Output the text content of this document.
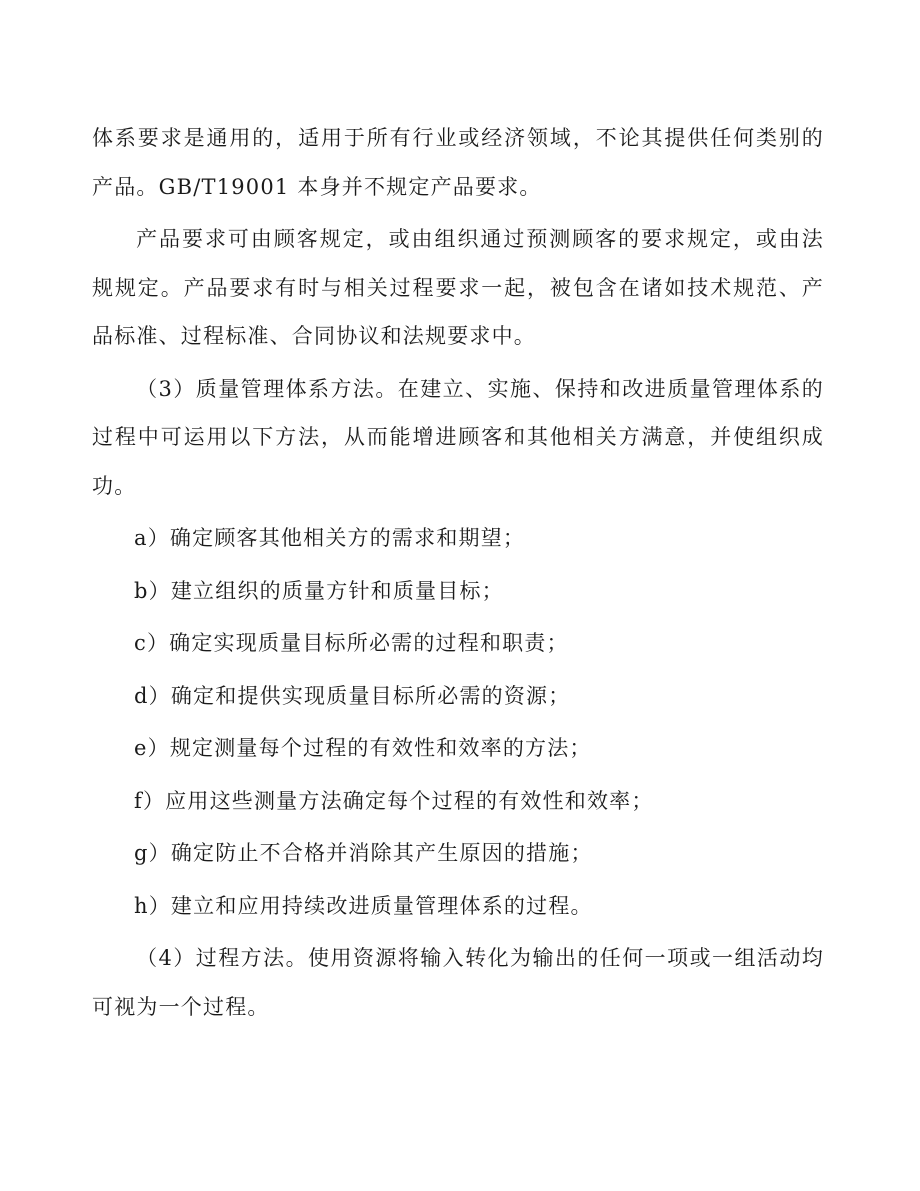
体系要求是通用的，适用于所有行业或经济领域，不论其提供任何类别的产品。GB/T19001 本身并不规定产品要求。

产品要求可由顾客规定，或由组织通过预测顾客的要求规定，或由法规规定。产品要求有时与相关过程要求一起，被包含在诸如技术规范、产品标准、过程标准、合同协议和法规要求中。

（3）质量管理体系方法。在建立、实施、保持和改进质量管理体系的过程中可运用以下方法，从而能增进顾客和其他相关方满意，并使组织成功。

a）确定顾客其他相关方的需求和期望；

b）建立组织的质量方针和质量目标；

c）确定实现质量目标所必需的过程和职责；

d）确定和提供实现质量目标所必需的资源；

e）规定测量每个过程的有效性和效率的方法；

f）应用这些测量方法确定每个过程的有效性和效率；

g）确定防止不合格并消除其产生原因的措施；

h）建立和应用持续改进质量管理体系的过程。

（4）过程方法。使用资源将输入转化为输出的任何一项或一组活动均可视为一个过程。
